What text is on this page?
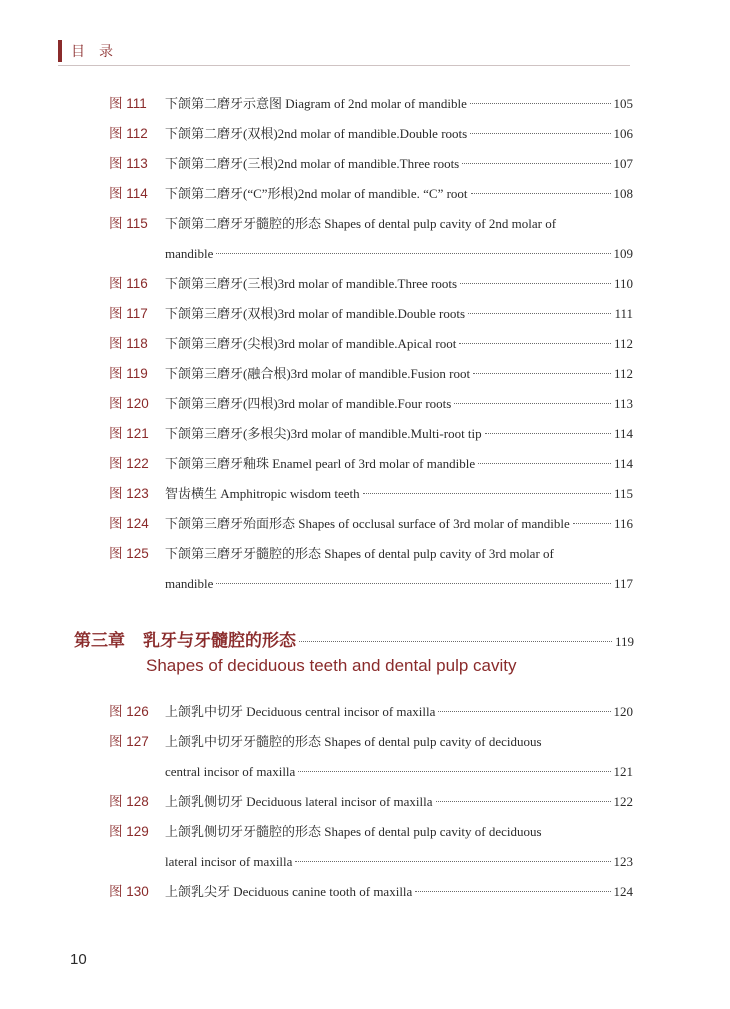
目录
图 111 下颌第二磨牙示意图 Diagram of 2nd molar of mandible	105
图 112 下颌第二磨牙(双根)2nd molar of mandible.Double roots	106
图 113 下颌第二磨牙(三根)2nd molar of mandible.Three roots	107
图 114 下颌第二磨牙(“C”形根)2nd molar of mandible. “C” root	108
图 115 下颌第二磨牙牙髓腔的形态 Shapes of dental pulp cavity of 2nd molar of
mandible	109
图 116 下颌第三磨牙(三根)3rd molar of mandible.Three roots	110
图 117 下颌第三磨牙(双根)3rd molar of mandible.Double roots	111
图 118 下颌第三磨牙(尖根)3rd molar of mandible.Apical root	112
图 119 下颌第三磨牙(融合根)3rd molar of mandible.Fusion root	112
图 120 下颌第三磨牙(四根)3rd molar of mandible.Four roots	113
图 121 下颌第三磨牙(多根尖)3rd molar of mandible.Multi-root tip	114
图 122 下颌第三磨牙釉珠 Enamel pearl of 3rd molar of mandible	114
图 123 智齿横生 Amphitropic wisdom teeth	115
图 124 下颌第三磨牙殆面形态 Shapes of occlusal surface of 3rd molar of mandible	116
图 125 下颌第三磨牙牙髓腔的形态 Shapes of dental pulp cavity of 3rd molar of
mandible	117
第三章 乳牙与牙髓腔的形态	119
Shapes of deciduous teeth and dental pulp cavity
图 126 上颌乳中切牙 Deciduous central incisor of maxilla	120
图 127 上颌乳中切牙牙髓腔的形态 Shapes of dental pulp cavity of deciduous
central incisor of maxilla	121
图 128 上颌乳侧切牙 Deciduous lateral incisor of maxilla	122
图 129 上颌乳侧切牙牙髓腔的形态 Shapes of dental pulp cavity of deciduous
lateral incisor of maxilla	123
图 130 上颌乳尖牙 Deciduous canine tooth of maxilla	124
10
